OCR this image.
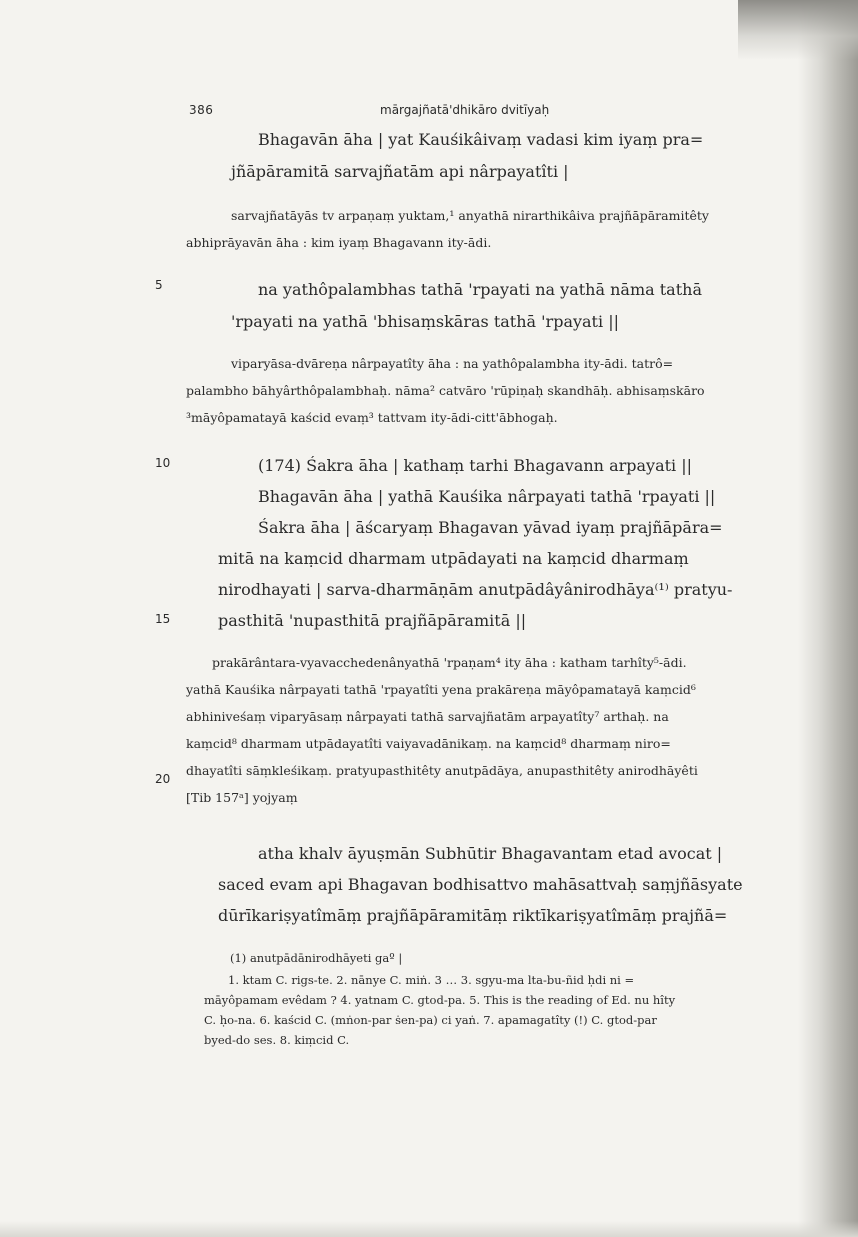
386	mārgajñatā'dhikāro dvitīyaḥ
5
10
15
20
Bhagavān āha | yat Kauśikâivaṃ vadasi kim iyaṃ pra=
jñāpāramitā sarvajñatām api nârpayatîti |
sarvajñatāyās tv arpaṇaṃ yuktam,¹ anyathā nirarthikâiva prajñāpāramitêty
abhiprāyavān āha : kim iyaṃ Bhagavann ity-ādi.
na yathôpalambhas tathā 'rpayati na yathā nāma tathā
'rpayati na yathā 'bhisaṃskāras tathā 'rpayati ||
viparyāsa-dvāreṇa nârpayatîty āha : na yathôpalambha ity-ādi. tatrô=
palambho bāhyârthôpalambhaḥ. nāma² catvāro 'rūpiṇaḥ skandhāḥ. abhisaṃskāro
³māyôpamatayā kaścid evaṃ³ tattvam ity-ādi-citt'ābhogaḥ.
(174) Śakra āha | kathaṃ tarhi Bhagavann arpayati ||
Bhagavān āha | yathā Kauśika nârpayati tathā 'rpayati ||
Śakra āha | āścaryaṃ Bhagavan yāvad iyaṃ prajñāpāra=
mitā na kaṃcid dharmam utpādayati na kaṃcid dharmaṃ
nirodhayati | sarva-dharmāṇām anutpādâyânirodhāya⁽¹⁾ pratyu-
pasthitā 'nupasthitā prajñāpāramitā ||
prakārântara-vyavacchedenânyathā 'rpaṇam⁴ ity āha : katham tarhîty⁵-ādi.
yathā Kauśika nârpayati tathā 'rpayatîti yena prakāreṇa māyôpamatayā kaṃcid⁶
abhiniveśaṃ viparyāsaṃ nârpayati tathā sarvajñatām arpayatîty⁷ arthaḥ. na
kaṃcid⁸ dharmam utpādayatîti vaiyavadānikaṃ. na kaṃcid⁸ dharmaṃ niro=
dhayatîti sāṃkleśikaṃ. pratyupasthitêty anutpādāya, anupasthitêty anirodhāyêti
[Tib 157ᵃ] yojyaṃ
atha khalv āyuṣmān Subhūtir Bhagavantam etad avocat |
saced evam api Bhagavan bodhisattvo mahāsattvaḥ saṃjñāsyate
dūrīkariṣyatîmāṃ prajñāpāramitāṃ riktīkariṣyatîmāṃ prajñā=
(1) anutpādānirodhāyeti gaº |
1. ktam C. rigs-te. 2. nānye C. miṅ. 3 … 3. sgyu-ma lta-bu-ñid ḥdi ni =
māyôpamam evêdam ? 4. yatnam C. gtod-pa. 5. This is the reading of Ed. nu hîty
C. ḥo-na. 6. kaścid C. (mṅon-par ṡen-pa) ci yaṅ. 7. apamagatîty (!) C. gtod-par
byed-do ses. 8. kiṃcid C.
